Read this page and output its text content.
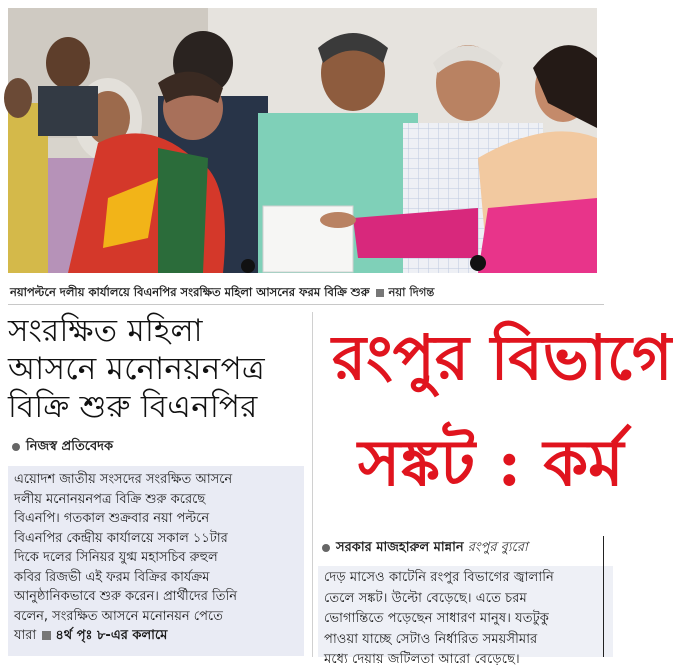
নয়াপল্টনে দলীয় কার্যালয়ে বিএনপির সংরক্ষিত মহিলা আসনের ফরম বিক্রি শুরু নয়া দিগন্ত
সংরক্ষিত মহিলা
আসনে মনোনয়নপত্র
বিক্রি শুরু বিএনপির
নিজস্ব প্রতিবেদক
এয়োদশ জাতীয় সংসদের সংরক্ষিত আসনে
দলীয় মনোনয়নপত্র বিক্রি শুরু করেছে
বিএনপি। গতকাল শুক্রবার নয়া পল্টনে
বিএনপির কেন্দ্রীয় কার্যালয়ে সকাল ১১টার
দিকে দলের সিনিয়র যুগ্ম মহাসচিব রুহুল
কবির রিজভী এই ফরম বিক্রির কার্যক্রম
আনুষ্ঠানিকভাবে শুরু করেন। প্রার্থীদের তিনি
বলেন, সংরক্ষিত আসনে মনোনয়ন পেতে
যারা ৪র্থ পৃঃ ৮-এর কলামে
রংপুর বিভাগে
সঙ্কট : কর্ম
সরকার মাজহারুল মান্নান রংপুর ব্যুরো
দেড় মাসেও কাটেনি রংপুর বিভাগের জ্বালানি
তেলে সঙ্কট। উল্টো বেড়েছে। এতে চরম
ভোগান্তিতে পড়েছেন সাধারণ মানুষ। যতটুকু
পাওয়া যাচ্ছে সেটাও নির্ধারিত সময়সীমার
মধ্যে দেয়ায় জটিলতা আরো বেড়েছে।
